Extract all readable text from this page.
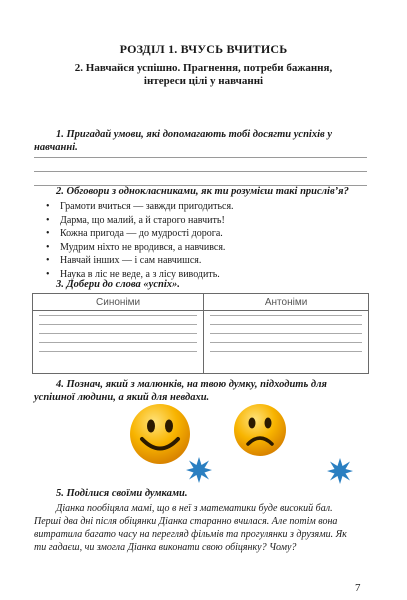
РОЗДІЛ 1. ВЧУСЬ ВЧИТИСЬ
2. Навчайся успішно. Прагнення, потреби бажання,
інтереси цілі у навчанні
1. Пригадай умови, які допомагають тобі досягти успіхів у
навчанні.
2. Обговори з однокласниками, як ти розумієш такі прислів’я?
• Грамоти вчиться — завжди пригодиться.
• Дарма, що малий, а й старого навчить!
• Кожна пригода — до мудрості дорога.
• Мудрим ніхто не вродився, а навчився.
• Навчай інших — і сам навчишся.
• Наука в ліс не веде, а з лісу виводить.
3. Добери до слова «успіх».
Синоніми	Антоніми

4. Познач, який з малюнків, на твою думку, підходить для
успішної людини, а який для невдахи.
5. Поділися своїми думками.
Діанка пообіцяла мамі, що в неї з математики буде високий бал.
Перші два дні після обіцянки Діанка старанно вчилася. Але потім вона
витратила багато часу на перегляд фільмів та прогулянки з друзями. Як
ти гадаєш, чи змогла Діанка виконати свою обіцянку? Чому?
7
